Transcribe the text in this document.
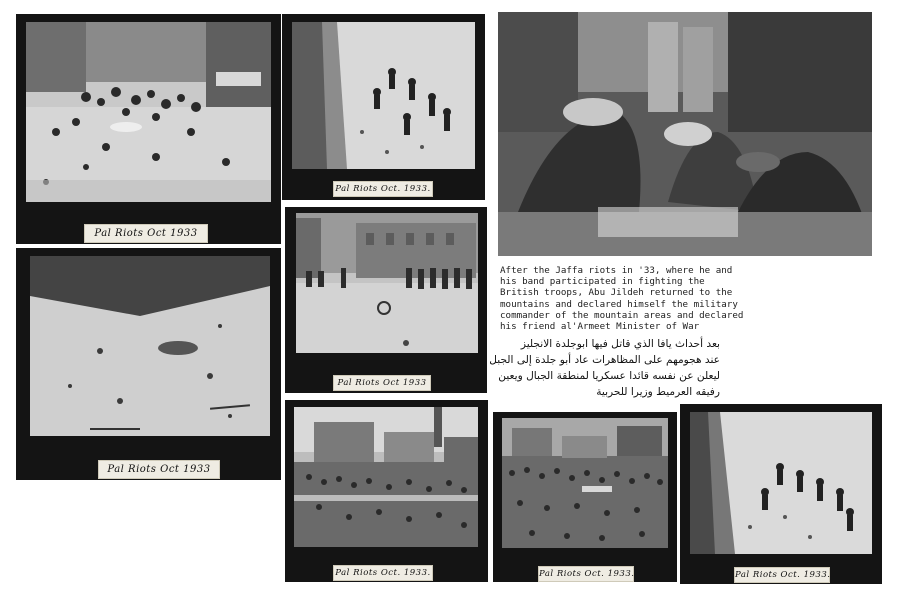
Pal Riots Oct 1933
Pal Riots Oct. 1933.
Pal Riots Oct 1933
Pal Riots Oct 1933
Pal Riots Oct. 1933.	Pal Riots Oct. 1933.	Pal Riots Oct. 1933.
After the Jaffa riots in '33, where he and
his band participated in fighting the
British troops, Abu Jildeh returned to the
mountains and declared himself the military
commander of the mountain areas and declared
his friend al'Armeet Minister of War
بعد أحداث يافا الذي قاتل فيها ابوجلدة الانجليز
عند هجومهم على المظاهرات عاد أبو جلدة إلى الجبل
ليعلن عن نفسه قائدا عسكريا لمنطقة الجبال ويعين
رفيقه العرميط وزيرا للحربية
